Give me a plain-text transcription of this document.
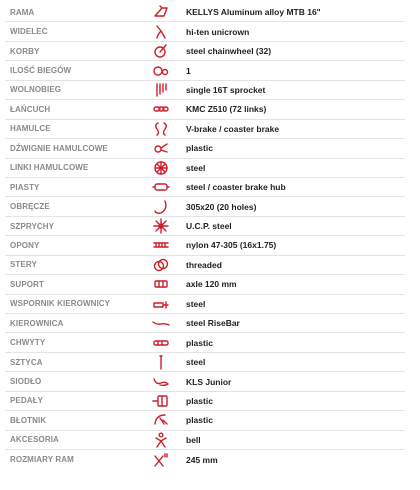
RAMA	KELLYS Aluminum alloy MTB 16"
WIDELEC	hi-ten unicrown
KORBY	steel chainwheel (32)
ILOŚĆ BIEGÓW	1
WOLNOBIEG	single 16T sprocket
ŁAŃCUCH	KMC Z510 (72 links)
HAMULCE	V-brake / coaster brake
DŹWIGNIE HAMULCOWE	plastic
LINKI HAMULCOWE	steel
PIASTY	steel / coaster brake hub
OBRĘCZE	305x20 (20 holes)
SZPRYCHY	U.C.P. steel
OPONY	nylon 47-305 (16x1.75)
STERY	threaded
SUPORT	axle 120 mm
WSPORNIK KIEROWNICY	steel
KIEROWNICA	steel RiseBar
CHWYTY	plastic
SZTYCA	steel
SIODŁO	KLS Junior
PEDAŁY	plastic
BŁOTNIK	plastic
AKCESORIA	bell
ROZMIARY RAM	245 mm
